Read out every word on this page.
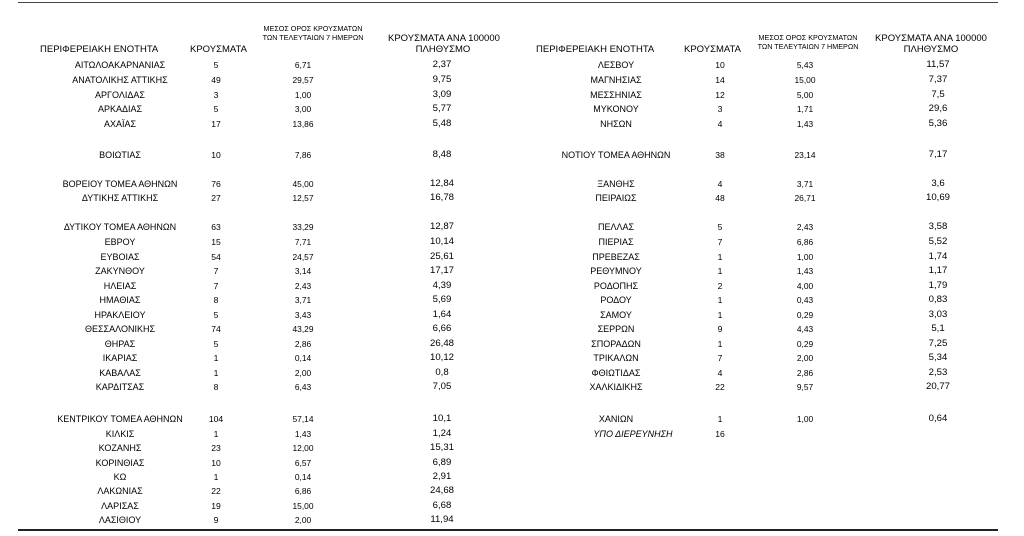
ΠΕΡΙΦΕΡΕΙΑΚΗ ΕΝΟΤΗΤΑ	ΚΡΟΥΣΜΑΤΑ
ΜΕΣΟΣ ΟΡΟΣ ΚΡΟΥΣΜΑΤΩΝ
ΤΩΝ ΤΕΛΕΥΤΑΙΩΝ 7 ΗΜΕΡΩΝ	ΚΡΟΥΣΜΑΤΑ ΑΝΑ 100000
ΠΛΗΘΥΣΜΟ
ΑΙΤΩΛΟΑΚΑΡΝΑΝΙΑΣ	5	6,71	2,37
ΑΝΑΤΟΛΙΚΗΣ ΑΤΤΙΚΗΣ	49	29,57	9,75
ΑΡΓΟΛΙΔΑΣ	3	1,00	3,09
ΑΡΚΑΔΙΑΣ	5	3,00	5,77
ΑΧΑΪΑΣ	17	13,86	5,48
ΒΟΙΩΤΙΑΣ	10	7,86	8,48
ΒΟΡΕΙΟΥ ΤΟΜΕΑ ΑΘΗΝΩΝ	76	45,00	12,84
ΔΥΤΙΚΗΣ ΑΤΤΙΚΗΣ	27	12,57	16,78
ΔΥΤΙΚΟΥ ΤΟΜΕΑ ΑΘΗΝΩΝ	63	33,29	12,87
ΕΒΡΟΥ	15	7,71	10,14
ΕΥΒΟΙΑΣ	54	24,57	25,61
ΖΑΚΥΝΘΟΥ	7	3,14	17,17
ΗΛΕΙΑΣ	7	2,43	4,39
ΗΜΑΘΙΑΣ	8	3,71	5,69
ΗΡΑΚΛΕΙΟΥ	5	3,43	1,64
ΘΕΣΣΑΛΟΝΙΚΗΣ	74	43,29	6,66
ΘΗΡΑΣ	5	2,86	26,48
ΙΚΑΡΙΑΣ	1	0,14	10,12
ΚΑΒΑΛΑΣ	1	2,00	0,8
ΚΑΡΔΙΤΣΑΣ	8	6,43	7,05
ΚΕΝΤΡΙΚΟΥ ΤΟΜΕΑ ΑΘΗΝΩΝ	104	57,14	10,1
ΚΙΛΚΙΣ	1	1,43	1,24
ΚΟΖΑΝΗΣ	23	12,00	15,31
ΚΟΡΙΝΘΙΑΣ	10	6,57	6,89
ΚΩ	1	0,14	2,91
ΛΑΚΩΝΙΑΣ	22	6,86	24,68
ΛΑΡΙΣΑΣ	19	15,00	6,68
ΛΑΣΙΘΙΟΥ	9	2,00	11,94
ΠΕΡΙΦΕΡΕΙΑΚΗ ΕΝΟΤΗΤΑ	ΚΡΟΥΣΜΑΤΑ
ΜΕΣΟΣ ΟΡΟΣ ΚΡΟΥΣΜΑΤΩΝ
ΤΩΝ ΤΕΛΕΥΤΑΙΩΝ 7 ΗΜΕΡΩΝ
ΚΡΟΥΣΜΑΤΑ ΑΝΑ 100000
ΠΛΗΘΥΣΜΟ
ΛΕΣΒΟΥ	10	5,43	11,57
ΜΑΓΝΗΣΙΑΣ	14	15,00	7,37
ΜΕΣΣΗΝΙΑΣ	12	5,00	7,5
ΜΥΚΟΝΟΥ	3	1,71	29,6
ΝΗΣΩΝ	4	1,43	5,36
ΝΟΤΙΟΥ ΤΟΜΕΑ ΑΘΗΝΩΝ	38	23,14	7,17
ΞΑΝΘΗΣ	4	3,71	3,6
ΠΕΙΡΑΙΩΣ	48	26,71	10,69
ΠΕΛΛΑΣ	5	2,43	3,58
ΠΙΕΡΙΑΣ	7	6,86	5,52
ΠΡΕΒΕΖΑΣ	1	1,00	1,74
ΡΕΘΥΜΝΟΥ	1	1,43	1,17
ΡΟΔΟΠΗΣ	2	4,00	1,79
ΡΟΔΟΥ	1	0,43	0,83
ΣΑΜΟΥ	1	0,29	3,03
ΣΕΡΡΩΝ	9	4,43	5,1
ΣΠΟΡΑΔΩΝ	1	0,29	7,25
ΤΡΙΚΑΛΩΝ	7	2,00	5,34
ΦΘΙΩΤΙΔΑΣ	4	2,86	2,53
ΧΑΛΚΙΔΙΚΗΣ	22	9,57	20,77
ΧΑΝΙΩΝ	1	1,00	0,64
ΥΠΟ ΔΙΕΡΕΥΝΗΣΗ	16
